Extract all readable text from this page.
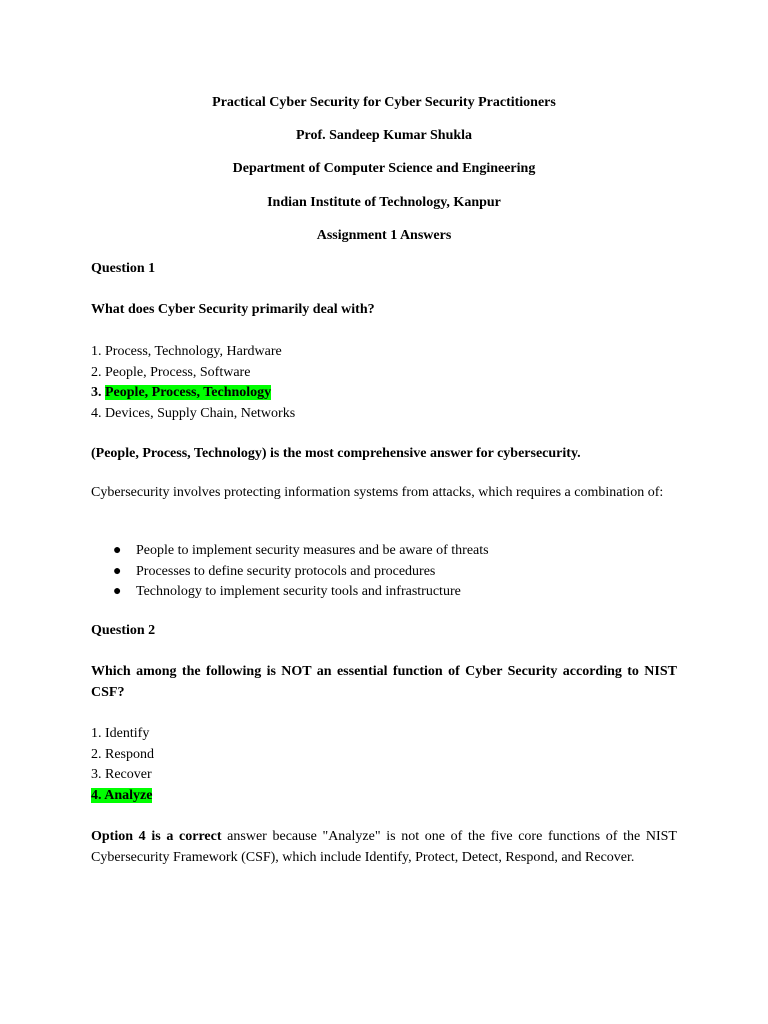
Practical Cyber Security for Cyber Security Practitioners
Prof. Sandeep Kumar Shukla
Department of Computer Science and Engineering
Indian Institute of Technology, Kanpur
Assignment 1 Answers
Question 1
What does Cyber Security primarily deal with?
1. Process, Technology, Hardware
2. People, Process, Software
3. People, Process, Technology
4. Devices, Supply Chain, Networks
(People, Process, Technology) is the most comprehensive answer for cybersecurity.
Cybersecurity involves protecting information systems from attacks, which requires a combination of:
● People to implement security measures and be aware of threats
● Processes to define security protocols and procedures
● Technology to implement security tools and infrastructure
Question 2
Which among the following is NOT an essential function of Cyber Security according to NIST CSF?
1. Identify
2. Respond
3. Recover
4. Analyze
Option 4 is a correct answer because "Analyze" is not one of the five core functions of the NIST Cybersecurity Framework (CSF), which include Identify, Protect, Detect, Respond, and Recover.
